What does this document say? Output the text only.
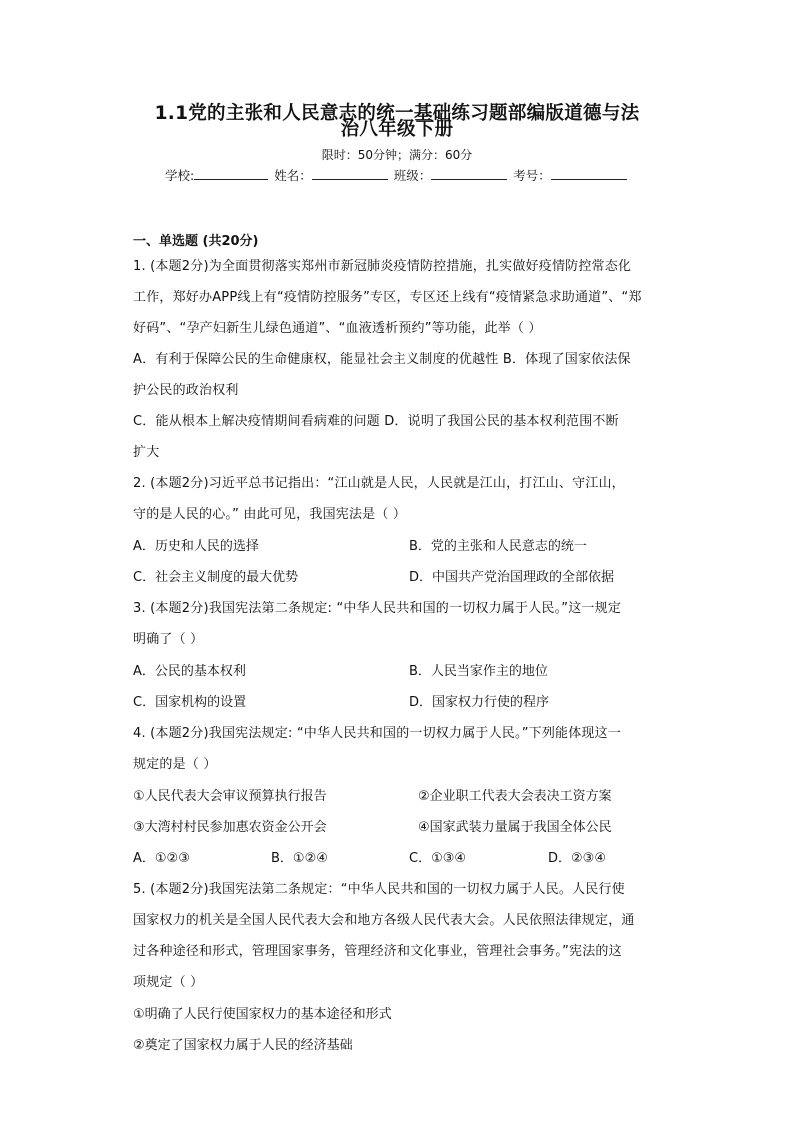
1.1党的主张和人民意志的统一基础练习题部编版道德与法
治八年级下册
限时：50分钟；满分：60分
学校:	姓名：	班级：	考号：
一、单选题 (共20分)
1. (本题2分)为全面贯彻落实郑州市新冠肺炎疫情防控措施，扎实做好疫情防控常态化
工作，郑好办APP线上有“疫情防控服务”专区，专区还上线有“疫情紧急求助通道”、“郑
好码”、“孕产妇新生儿绿色通道”、“血液透析预约”等功能，此举（ ）
A．有利于保障公民的生命健康权，能显社会主义制度的优越性 B．体现了国家依法保
护公民的政治权利
C．能从根本上解决疫情期间看病难的问题 D．说明了我国公民的基本权利范围不断
扩大
2. (本题2分)习近平总书记指出：“江山就是人民，人民就是江山，打江山、守江山，
守的是人民的心。” 由此可见，我国宪法是（ ）
A．历史和人民的选择	B．党的主张和人民意志的统一
C．社会主义制度的最大优势	D．中国共产党治国理政的全部依据
3. (本题2分)我国宪法第二条规定: “中华人民共和国的一切权力属于人民。”这一规定
明确了（ ）
A．公民的基本权利	B．人民当家作主的地位
C．国家机构的设置	D．国家权力行使的程序
4. (本题2分)我国宪法规定: “中华人民共和国的一切权力属于人民。”下列能体现这一
规定的是（ ）
①人民代表大会审议预算执行报告	②企业职工代表大会表决工资方案
③大湾村村民参加惠农资金公开会	④国家武装力量属于我国全体公民
A．①②③	B．①②④	C．①③④	D．②③④
5. (本题2分)我国宪法第二条规定：“中华人民共和国的一切权力属于人民。人民行使
国家权力的机关是全国人民代表大会和地方各级人民代表大会。人民依照法律规定，通
过各种途径和形式，管理国家事务，管理经济和文化事业，管理社会事务。”宪法的这
项规定（ ）
①明确了人民行使国家权力的基本途径和形式
②奠定了国家权力属于人民的经济基础
